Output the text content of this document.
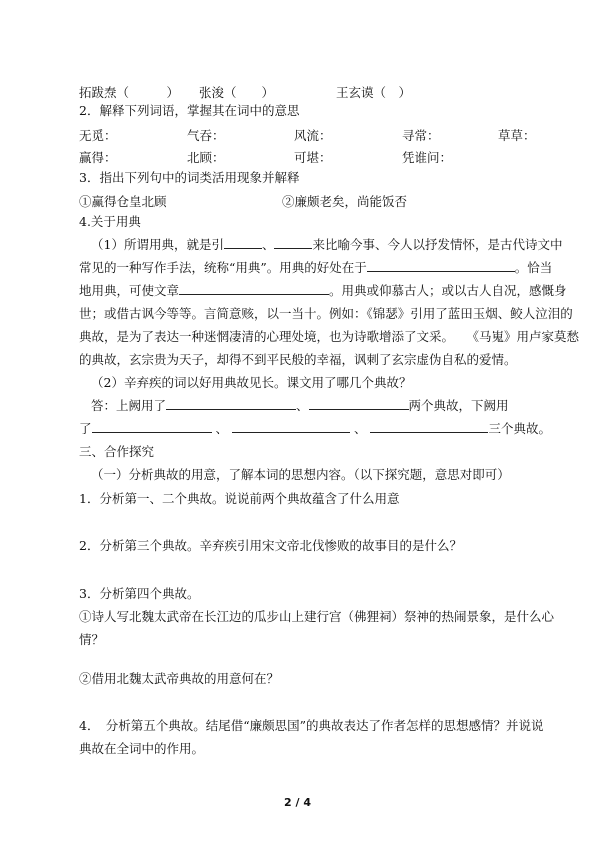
拓跋焘（　　　） 张浚（　　）	王玄谟（　）
2．解释下列词语，掌握其在词中的意思
无觅：	气吞：	风流：	寻常：	草草：
赢得：	北顾：	可堪：	凭谁问：
3．指出下列句中的词类活用现象并解释
①赢得仓皇北顾	②廉颇老矣，尚能饭否
4.关于用典
（1）所谓用典，就是引	、	来比喻今事、今人以抒发情怀，是古代诗文中
常见的一种写作手法，统称“用典”。用典的好处在于	。恰当
地用典，可使文章	。用典或仰慕古人；或以古人自况，感慨身
世；或借古讽今等等。言简意赅，以一当十。例如：《锦瑟》引用了蓝田玉烟、鲛人泣泪的
典故，是为了表达一种迷惘凄清的心理处境，也为诗歌增添了文采。　　《马嵬》用卢家莫愁
的典故，玄宗贵为天子，却得不到平民般的幸福，讽刺了玄宗虚伪自私的爱情。
（2）辛弃疾的词以好用典故见长。课文用了哪几个典故？
答：上阙用了	、	两个典故，下阙用
了	、	、	三个典故。
三、合作探究
（一）分析典故的用意，了解本词的思想内容。（以下探究题，意思对即可）
1．分析第一、二个典故。说说前两个典故蕴含了什么用意
2．分析第三个典故。辛弃疾引用宋文帝北伐惨败的故事目的是什么？
3．分析第四个典故。
①诗人写北魏太武帝在长江边的瓜步山上建行宫（佛狸祠）祭神的热闹景象，是什么心
情？
②借用北魏太武帝典故的用意何在？
4．　分析第五个典故。结尾借“廉颇思国”的典故表达了作者怎样的思想感情？并说说
典故在全词中的作用。
2 / 4
